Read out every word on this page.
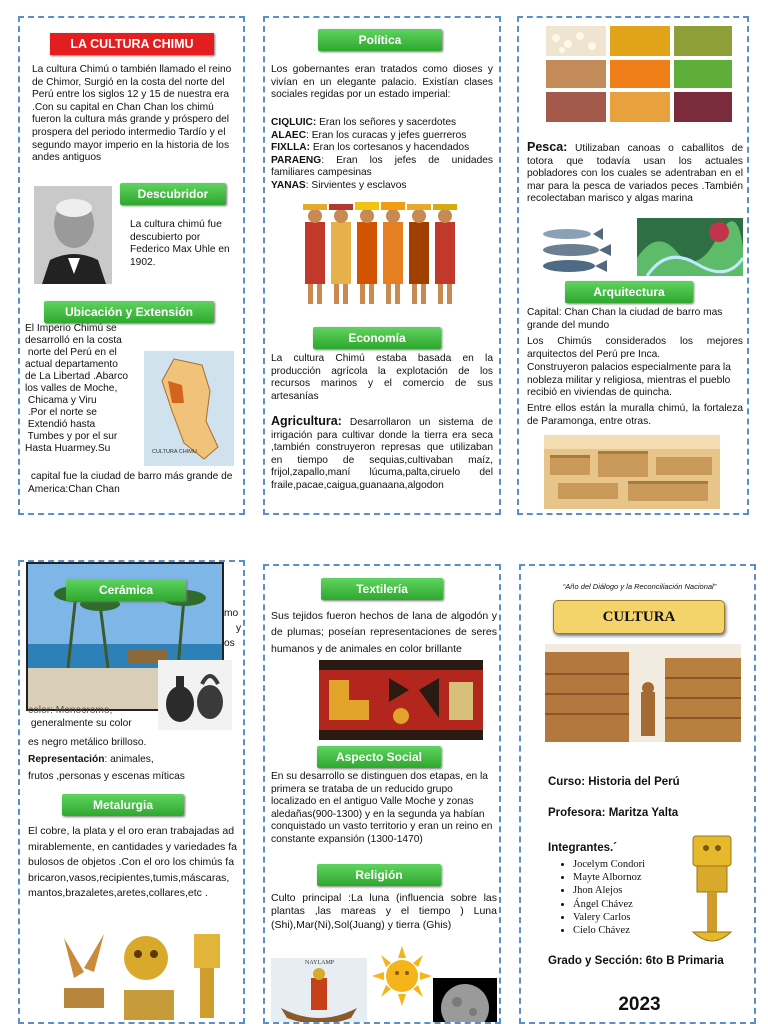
LA CULTURA CHIMU

La cultura Chimú o también llamado el reino de Chimor, Surgió en la costa del norte del Perú entre los siglos 12 y 15 de nuestra era .Con su capital en Chan Chan los chimú fueron la cultura más grande y próspero del prospera del periodo intermedio Tardío y el segundo mayor imperio en la historia de los andes antiguos

Descubridor

La cultura chimú fue descubierto por Federico Max Uhle en 1902.

Ubicación y Extensión
El Imperio Chimú se
desarrolló en la costa
norte del Perú en el
actual departamento
de La Libertad .Abarco
los valles de Moche,
Chicama y Viru
.Por el norte se
Extendió hasta
Tumbes y por el sur
Hasta Huarmey.Su	CULTURA CHIMU

capital fue la ciudad de barro más grande de America:Chan Chan

Política

Los gobernantes eran tratados como dioses y vivían en un elegante palacio. Existían clases sociales regidas por un estado imperial:

CIQLUIC: Eran los señores y sacerdotes
ALAEC: Eran los curacas y jefes guerreros
FIXLLA: Eran los cortesanos y hacendados
PARAENG: Eran los jefes de unidades familiares campesinas
YANAS: Sirvientes y esclavos
Economía

La cultura Chimú estaba basada en la producción agrícola la explotación de los recursos marinos y el comercio de sus artesanías

Agricultura: Desarrollaron un sistema de irrigación para cultivar donde la tierra era seca ,también construyeron represas que utilizaban en tiempo de sequias,cultivaban maíz, frijol,zapallo,maní lúcuma,palta,ciruelo del fraile,pacae,caigua,guanaana,algodon

Pesca: Utilizaban canoas o caballitos de totora que todavía usan los actuales pobladores con los cuales se adentraban en el mar para la pesca de variados peces .También recolectaban marisco y algas marina

Arquitectura

Capital: Chan Chan la ciudad de barro mas grande del mundo

Los Chimús considerados los mejores arquitectos del Perú pre Inca.

Construyeron palacios especialmente para la nobleza militar y religiosa, mientras el pueblo recibió en viviendas de quincha.

Entre ellos están la muralla chimú, la fortaleza de Paramonga, entre otras.

Cerámica
mo
y
os

color: Monocromo,

generalmente su color

es negro metálico brilloso.

Representación: animales,

frutos ,personas y escenas míticas

Metalurgia

El cobre, la plata y el oro eran trabajadas admirablemente, en cantidades y variedades fabulosos de objetos .Con el oro los chimús fabricaron,vasos,recipientes,tumis,máscaras,mantos,brazaletes,aretes,collares,etc .

Textilería

Sus tejidos fueron hechos de lana de algodón y de plumas; poseían representaciones de seres humanos y de animales en color brillante

Aspecto Social

En su desarrollo se distinguen dos etapas, en la primera se trataba de un reducido grupo localizado en el antiguo Valle Moche y zonas aledañas(900-1300) y en la segunda ya habían conquistado un vasto territorio y eran un reino en constante expansión (1300-1470)

Religión

Culto principal :La luna (influencia sobre las plantas ,las mareas y el tiempo ) Luna (Shi),Mar(Ni),Sol(Juang) y tierra (Ghis)

NAYLAMP
“Año del Diálogo y la Reconciliación Nacional”
CULTURA
Curso: Historia del Perú
Profesora: Maritza Yalta
Integrantes.´
• Jocelym Condori
• Mayte Albornoz
• Jhon Alejos
• Ángel Chávez
• Valery Carlos
• Cielo Chávez
Grado y Sección: 6to B Primaria
2023
